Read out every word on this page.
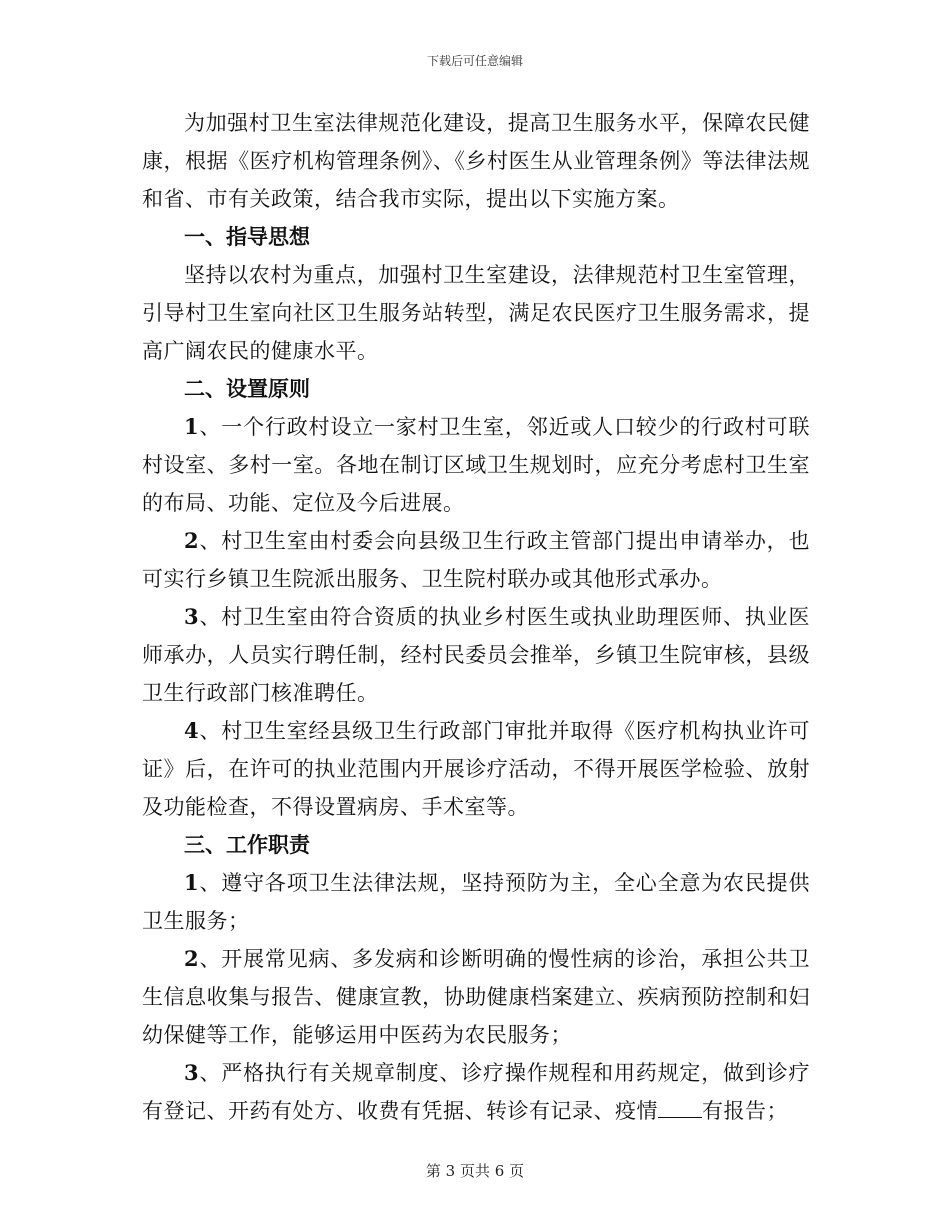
下载后可任意编辑

为加强村卫生室法律规范化建设，提高卫生服务水平，保障农民健康，根据《医疗机构管理条例》、《乡村医生从业管理条例》等法律法规和省、市有关政策，结合我市实际，提出以下实施方案。

一、指导思想

坚持以农村为重点，加强村卫生室建设，法律规范村卫生室管理，引导村卫生室向社区卫生服务站转型，满足农民医疗卫生服务需求，提高广阔农民的健康水平。

二、设置原则

1、一个行政村设立一家村卫生室，邻近或人口较少的行政村可联村设室、多村一室。各地在制订区域卫生规划时，应充分考虑村卫生室的布局、功能、定位及今后进展。

2、村卫生室由村委会向县级卫生行政主管部门提出申请举办，也可实行乡镇卫生院派出服务、卫生院村联办或其他形式承办。

3、村卫生室由符合资质的执业乡村医生或执业助理医师、执业医师承办，人员实行聘任制，经村民委员会推举，乡镇卫生院审核，县级卫生行政部门核准聘任。

4、村卫生室经县级卫生行政部门审批并取得《医疗机构执业许可证》后，在许可的执业范围内开展诊疗活动，不得开展医学检验、放射及功能检查，不得设置病房、手术室等。

三、工作职责

1、遵守各项卫生法律法规，坚持预防为主，全心全意为农民提供卫生服务；

2、开展常见病、多发病和诊断明确的慢性病的诊治，承担公共卫生信息收集与报告、健康宣教，协助健康档案建立、疾病预防控制和妇幼保健等工作，能够运用中医药为农民服务；

3、严格执行有关规章制度、诊疗操作规程和用药规定，做到诊疗有登记、开药有处方、收费有凭据、转诊有记录、疫情 有报告；

第 3 页共 6 页
